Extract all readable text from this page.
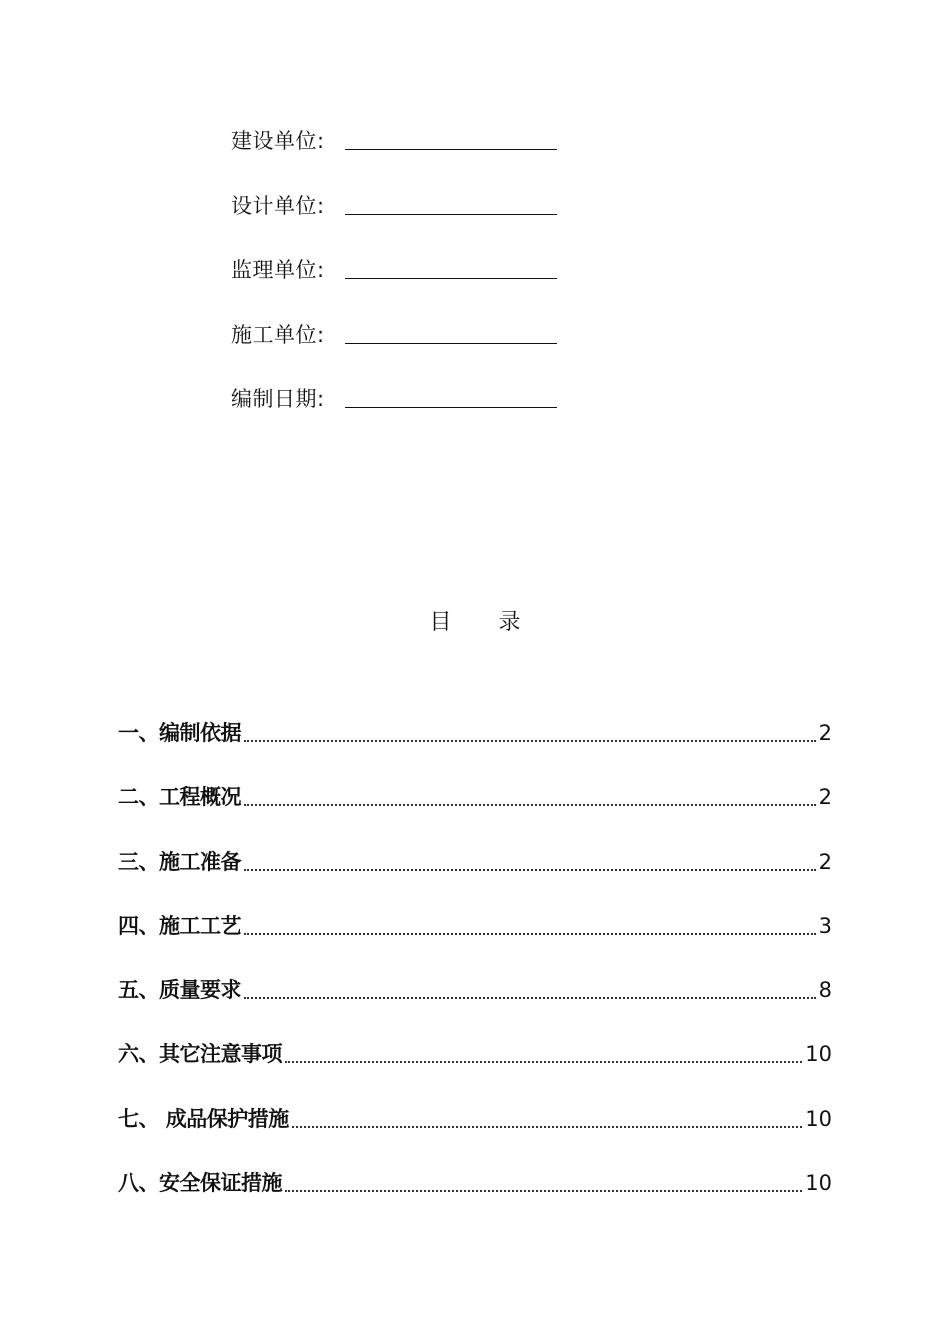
建设单位:
设计单位:
监理单位:
施工单位:
编制日期:
目 录
一、编制依据	2
二、工程概况	2
三、施工准备	2
四、施工工艺	3
五、质量要求	8
六、其它注意事项	10
七、 成品保护措施	10
八、安全保证措施	10
